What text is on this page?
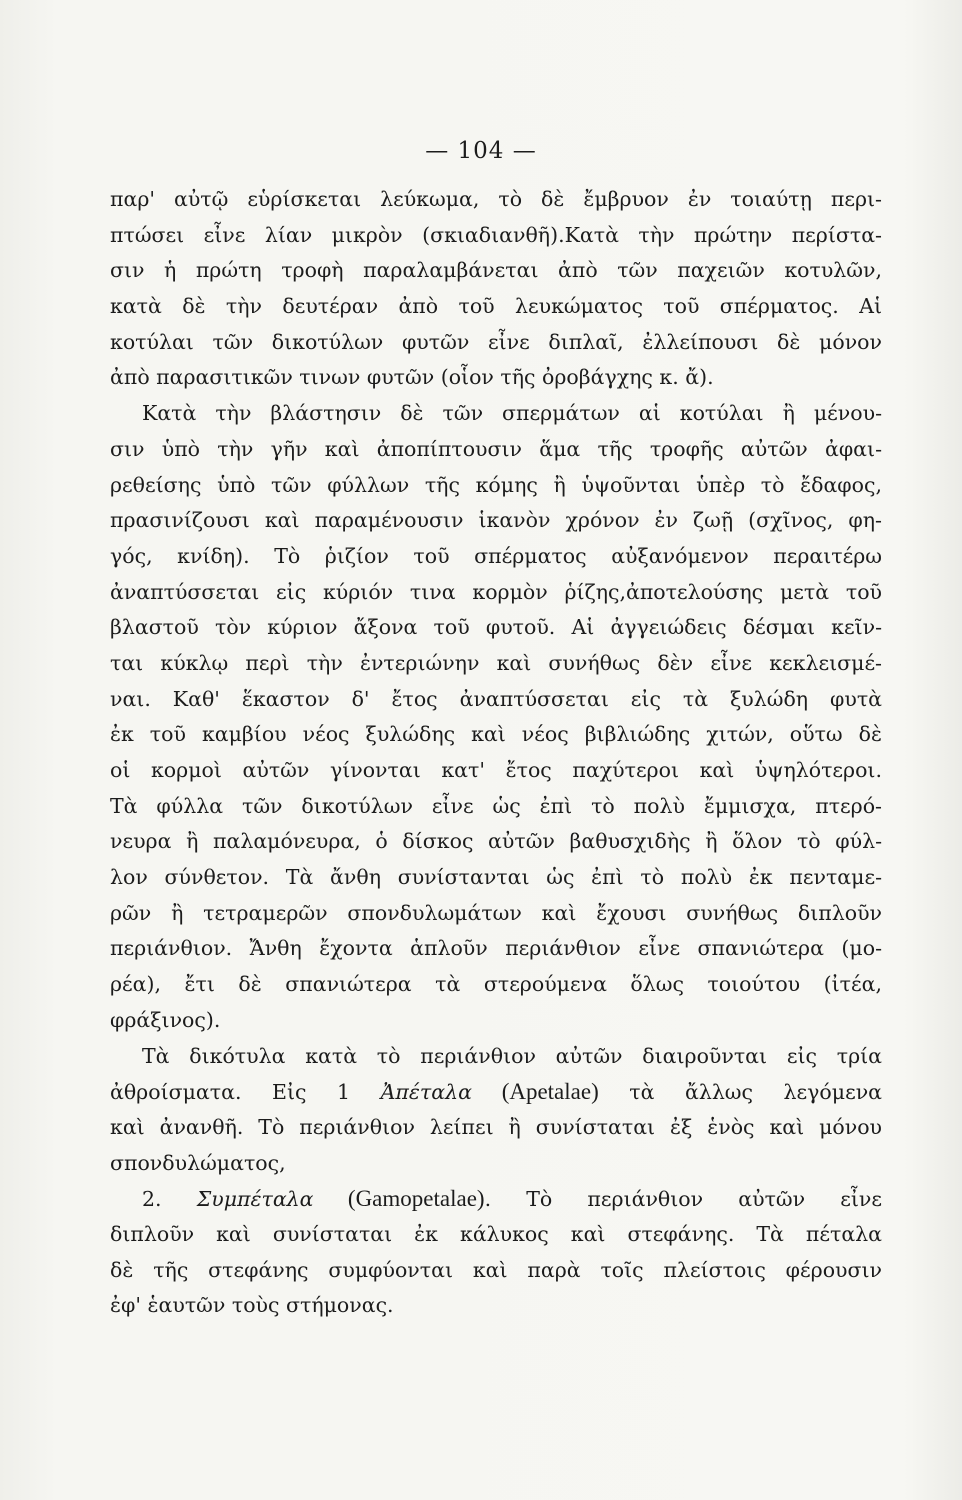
— 104 —
παρ' αὐτῷ εὑρίσκεται λεύκωμα, τὸ δὲ ἔμβρυον ἐν τοιαύτῃ περι-
πτώσει εἶνε λίαν μικρὸν (σκιαδιανθῆ).Κατὰ τὴν πρώτην περίστα-
σιν ἡ πρώτη τροφὴ παραλαμβάνεται ἀπὸ τῶν παχειῶν κοτυλῶν,
κατὰ δὲ τὴν δευτέραν ἀπὸ τοῦ λευκώματος τοῦ σπέρματος. Αἱ
κοτύλαι τῶν δικοτύλων φυτῶν εἶνε διπλαῖ, ἐλλείπουσι δὲ μόνον
ἀπὸ παρασιτικῶν τινων φυτῶν (οἷον τῆς ὀροβάγχης κ. ἄ).
Κατὰ τὴν βλάστησιν δὲ τῶν σπερμάτων αἱ κοτύλαι ἢ μένου-
σιν ὑπὸ τὴν γῆν καὶ ἀποπίπτουσιν ἅμα τῆς τροφῆς αὐτῶν ἀφαι-
ρεθείσης ὑπὸ τῶν φύλλων τῆς κόμης ἢ ὑψοῦνται ὑπὲρ τὸ ἔδαφος,
πρασινίζουσι καὶ παραμένουσιν ἱκανὸν χρόνον ἐν ζωῇ (σχῖνος, φη-
γός, κνίδη). Τὸ ῥιζίον τοῦ σπέρματος αὐξανόμενον περαιτέρω
ἀναπτύσσεται εἰς κύριόν τινα κορμὸν ῥίζης,ἀποτελούσης μετὰ τοῦ
βλαστοῦ τὸν κύριον ἄξονα τοῦ φυτοῦ. Αἱ ἀγγειώδεις δέσμαι κεῖν-
ται κύκλῳ περὶ τὴν ἐντεριώνην καὶ συνήθως δὲν εἶνε κεκλεισμέ-
ναι. Καθ' ἕκαστον δ' ἔτος ἀναπτύσσεται εἰς τὰ ξυλώδη φυτὰ
ἐκ τοῦ καμβίου νέος ξυλώδης καὶ νέος βιβλιώδης χιτών, οὕτω δὲ
οἱ κορμοὶ αὐτῶν γίνονται κατ' ἔτος παχύτεροι καὶ ὑψηλότεροι.
Τὰ φύλλα τῶν δικοτύλων εἶνε ὡς ἐπὶ τὸ πολὺ ἔμμισχα, πτερό-
νευρα ἢ παλαμόνευρα, ὁ δίσκος αὐτῶν βαθυσχιδὴς ἢ ὅλον τὸ φύλ-
λον σύνθετον. Τὰ ἄνθη συνίστανται ὡς ἐπὶ τὸ πολὺ ἐκ πενταμε-
ρῶν ἢ τετραμερῶν σπονδυλωμάτων καὶ ἔχουσι συνήθως διπλοῦν
περιάνθιον. Ἄνθη ἔχοντα ἁπλοῦν περιάνθιον εἶνε σπανιώτερα (μο-
ρέα), ἔτι δὲ σπανιώτερα τὰ στερούμενα ὅλως τοιούτου (ἰτέα,
φράξινος).
Τὰ δικότυλα κατὰ τὸ περιάνθιον αὐτῶν διαιροῦνται εἰς τρία
ἀθροίσματα. Εἰς 1 Ἀπέταλα (Apetalae) τὰ ἄλλως λεγόμενα
καὶ ἀνανθῆ. Τὸ περιάνθιον λείπει ἢ συνίσταται ἐξ ἑνὸς καὶ μόνου
σπονδυλώματος,
2. Συμπέταλα (Gamopetalae). Τὸ περιάνθιον αὐτῶν εἶνε
διπλοῦν καὶ συνίσταται ἐκ κάλυκος καὶ στεφάνης. Τὰ πέταλα
δὲ τῆς στεφάνης συμφύονται καὶ παρὰ τοῖς πλείστοις φέρουσιν
ἐφ' ἑαυτῶν τοὺς στήμονας.
